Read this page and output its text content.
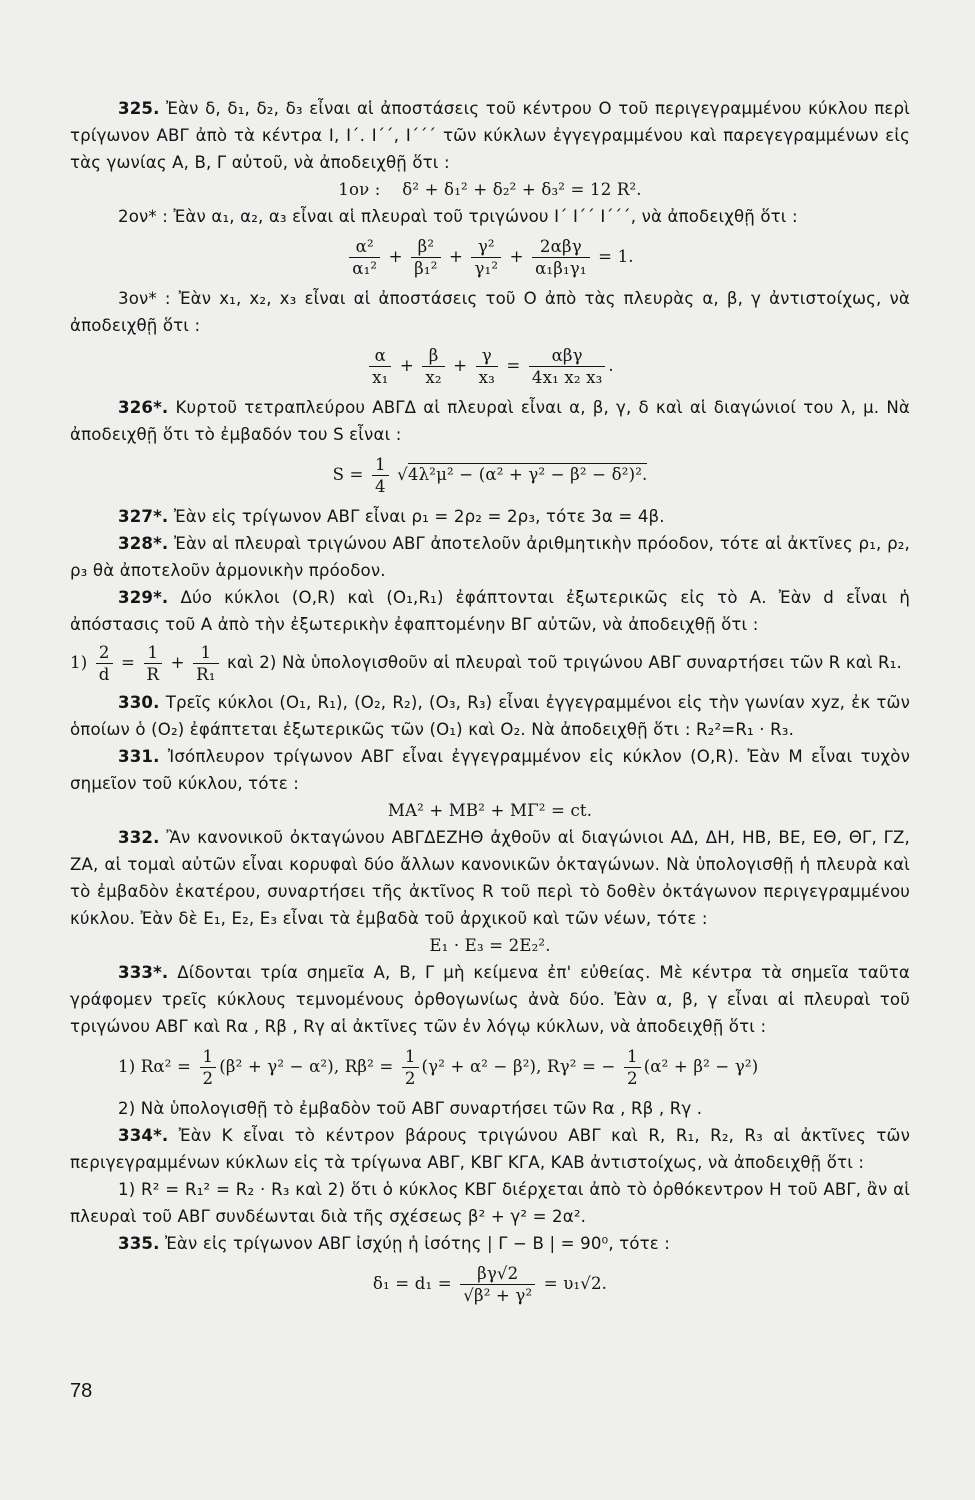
325. Ἐὰν δ, δ₁, δ₂, δ₃ εἶναι αἱ ἀποστάσεις τοῦ κέντρου Ο τοῦ περιγεγραμμένου κύκλου περὶ τρίγωνον ΑΒΓ ἀπὸ τὰ κέντρα Ι, Ι΄. Ι΄΄, Ι΄΄΄ τῶν κύκλων ἐγγεγραμμένου καὶ παρεγεγραμμένων εἰς τὰς γωνίας Α, Β, Γ αὐτοῦ, νὰ ἀποδειχθῇ ὅτι :

1ον :    δ² + δ₁² + δ₂² + δ₃² = 12 R².

2ον* : Ἐὰν α₁, α₂, α₃ εἶναι αἱ πλευραὶ τοῦ τριγώνου Ι΄ Ι΄΄ Ι΄΄΄, νὰ ἀποδειχθῇ ὅτι :

$\frac{\text{α²}}{\text{α₁²}} + \frac{\text{β²}}{\text{β₁²}} + \frac{\text{γ²}}{\text{γ₁²}} + \frac{\text{2αβγ}}{\text{α₁β₁γ₁}} = 1$.

3ον* : Ἐὰν x₁, x₂, x₃ εἶναι αἱ ἀποστάσεις τοῦ Ο ἀπὸ τὰς πλευρὰς α, β, γ ἀντιστοίχως, νὰ ἀποδειχθῇ ὅτι :

$\frac{\alpha}{\text{x₁}} + \frac{\beta}{\text{x₂}} + \frac{\gamma}{\text{x₃}} = \frac{\text{αβγ}}{\text{4x₁ x₂ x₃}}$ .

326*. Κυρτοῦ τετραπλεύρου ΑΒΓΔ αἱ πλευραὶ εἶναι α, β, γ, δ καὶ αἱ διαγώνιοί του λ, μ. Νὰ ἀποδειχθῇ ὅτι τὸ ἐμβαδόν του S εἶναι :

$S = \frac{1}{4} √4\lambda^2\mu^2 - (\alpha^2 + \gamma^2 - \beta^2 - \delta^2)^2$.

327*. Ἐὰν εἰς τρίγωνον ΑΒΓ εἶναι ρ₁ = 2ρ₂ = 2ρ₃, τότε 3α = 4β.

328*. Ἐὰν αἱ πλευραὶ τριγώνου ΑΒΓ ἀποτελοῦν ἀριθμητικὴν πρόοδον, τότε αἱ ἀκτῖνες ρ₁, ρ₂, ρ₃ θὰ ἀποτελοῦν ἁρμονικὴν πρόοδον.

329*. Δύο κύκλοι (Ο,R) καὶ (Ο₁,R₁) ἐφάπτονται ἐξωτερικῶς εἰς τὸ Α. Ἐὰν d εἶναι ἡ ἀπόστασις τοῦ Α ἀπὸ τὴν ἐξωτερικὴν ἐφαπτομένην ΒΓ αὐτῶν, νὰ ἀποδειχθῇ ὅτι :

$1) \frac{2}{d} = \frac{1}{R} + \frac{1}{\text{R₁}}$ καὶ 2) Νὰ ὑπολογισθοῦν αἱ πλευραὶ τοῦ τριγώνου ΑΒΓ συναρτήσει τῶν R καὶ R₁.

330. Τρεῖς κύκλοι (Ο₁, R₁), (Ο₂, R₂), (Ο₃, R₃) εἶναι ἐγγεγραμμένοι εἰς τὴν γωνίαν xyz, ἐκ τῶν ὁποίων ὁ (Ο₂) ἐφάπτεται ἐξωτερικῶς τῶν (Ο₁) καὶ Ο₂. Νὰ ἀποδειχθῇ ὅτι : R₂²=R₁ · R₃.

331. Ἰσόπλευρον τρίγωνον ΑΒΓ εἶναι ἐγγεγραμμένον εἰς κύκλον (Ο,R). Ἐὰν Μ εἶναι τυχὸν σημεῖον τοῦ κύκλου, τότε :

ΜΑ² + ΜΒ² + ΜΓ² = ct.

332. Ἂν κανονικοῦ ὀκταγώνου ΑΒΓΔΕΖΗΘ ἀχθοῦν αἱ διαγώνιοι ΑΔ, ΔΗ, ΗΒ, ΒΕ, ΕΘ, ΘΓ, ΓΖ, ΖΑ, αἱ τομαὶ αὐτῶν εἶναι κορυφαὶ δύο ἄλλων κανονικῶν ὀκταγώνων. Νὰ ὑπολογισθῇ ἡ πλευρὰ καὶ τὸ ἐμβαδὸν ἑκατέρου, συναρτήσει τῆς ἀκτῖνος R τοῦ περὶ τὸ δοθὲν ὀκτάγωνον περιγεγραμμένου κύκλου. Ἐὰν δὲ Ε₁, Ε₂, Ε₃ εἶναι τὰ ἐμβαδὰ τοῦ ἀρχικοῦ καὶ τῶν νέων, τότε :

Ε₁ · Ε₃ = 2Ε₂².

333*. Δίδονται τρία σημεῖα Α, Β, Γ μὴ κείμενα ἐπ' εὐθείας. Μὲ κέντρα τὰ σημεῖα ταῦτα γράφομεν τρεῖς κύκλους τεμνομένους ὀρθογωνίως ἀνὰ δύο. Ἐὰν α, β, γ εἶναι αἱ πλευραὶ τοῦ τριγώνου ΑΒΓ καὶ Rα , Rβ , Rγ αἱ ἀκτῖνες τῶν ἐν λόγῳ κύκλων, νὰ ἀποδειχθῇ ὅτι :

1) $R\alpha^2 = \frac{1}{2} (\beta^2 + \gamma^2 - \alpha^2)$, $R\beta^2 = \frac{1}{2} (\gamma^2 + \alpha^2 - \beta^2)$, Rγ² = − $\frac{1}{2} (\alpha^2 + \beta^2 - \gamma^2)$

2) Νὰ ὑπολογισθῇ τὸ ἐμβαδὸν τοῦ ΑΒΓ συναρτήσει τῶν Rα , Rβ , Rγ .

334*. Ἐὰν Κ εἶναι τὸ κέντρον βάρους τριγώνου ΑΒΓ καὶ R, R₁, R₂, R₃ αἱ ἀκτῖνες τῶν περιγεγραμμένων κύκλων εἰς τὰ τρίγωνα ΑΒΓ, ΚΒΓ ΚΓΑ, ΚΑΒ ἀντιστοίχως, νὰ ἀποδειχθῇ ὅτι :

1) R² = R₁² = R₂ · R₃ καὶ 2) ὅτι ὁ κύκλος ΚΒΓ διέρχεται ἀπὸ τὸ ὀρθόκεντρον Η τοῦ ΑΒΓ, ἂν αἱ πλευραὶ τοῦ ΑΒΓ συνδέωνται διὰ τῆς σχέσεως β² + γ² = 2α².

335. Ἐὰν εἰς τρίγωνον ΑΒΓ ἰσχύῃ ἡ ἰσότης | Γ − Β | = 90⁰, τότε :

$\delta_1 = d_1 = \frac{\beta\gamma√2}{\text{√β² + γ²}} = \upsilon_1√2$.
78
